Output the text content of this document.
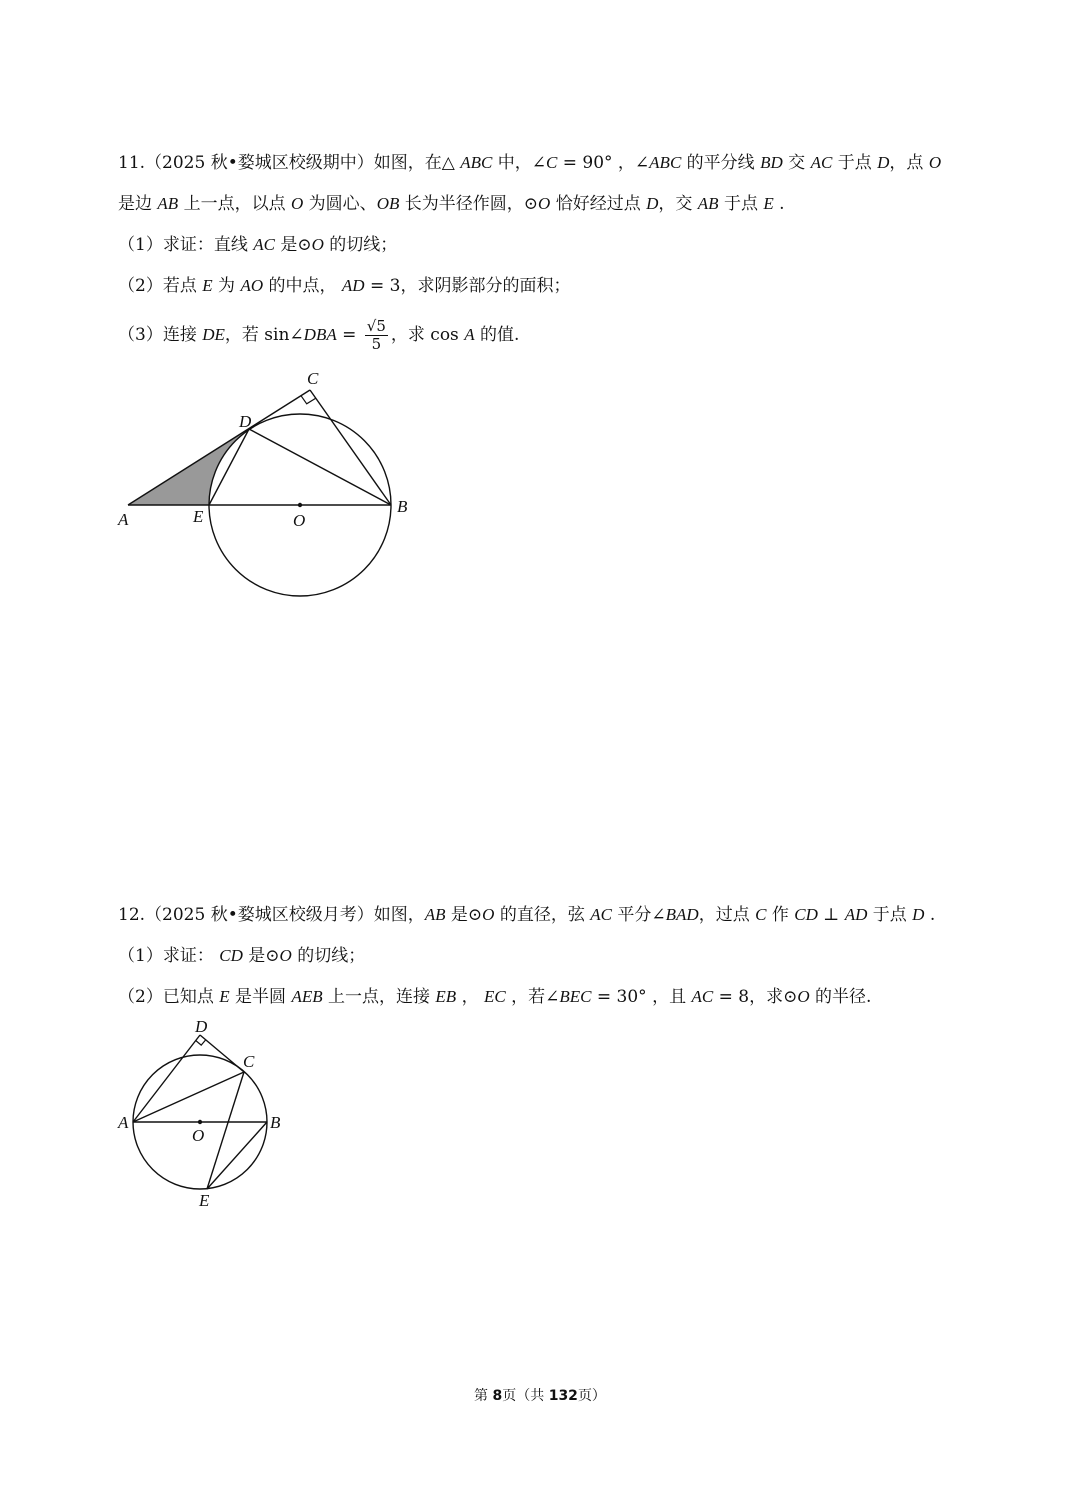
11.（2025 秋•婺城区校级期中）如图，在△ ABC 中，∠C = 90° ，∠ABC 的平分线 BD 交 AC 于点 D，点 O
是边 AB 上一点，以点 O 为圆心、OB 长为半径作圆，⊙O 恰好经过点 D，交 AB 于点 E .
（1）求证：直线 AC 是⊙O 的切线；
（2）若点 E 为 AO 的中点， AD = 3，求阴影部分的面积；
（3）连接 DE，若 sin∠DBA = $\frac{√5}{5}$ ，求 cos A 的值.
A	E	O
B
D
C
12.（2025 秋•婺城区校级月考）如图，AB 是⊙O 的直径，弦 AC 平分∠BAD，过点 C 作 CD ⊥ AD 于点 D .
（1）求证： CD 是⊙O 的切线；
（2）已知点 E 是半圆 AEB 上一点，连接 EB ， EC ，若∠BEC = 30° ，且 AC = 8，求⊙O 的半径.
D
C
A
O
B
E
第 8页（共 132页）
